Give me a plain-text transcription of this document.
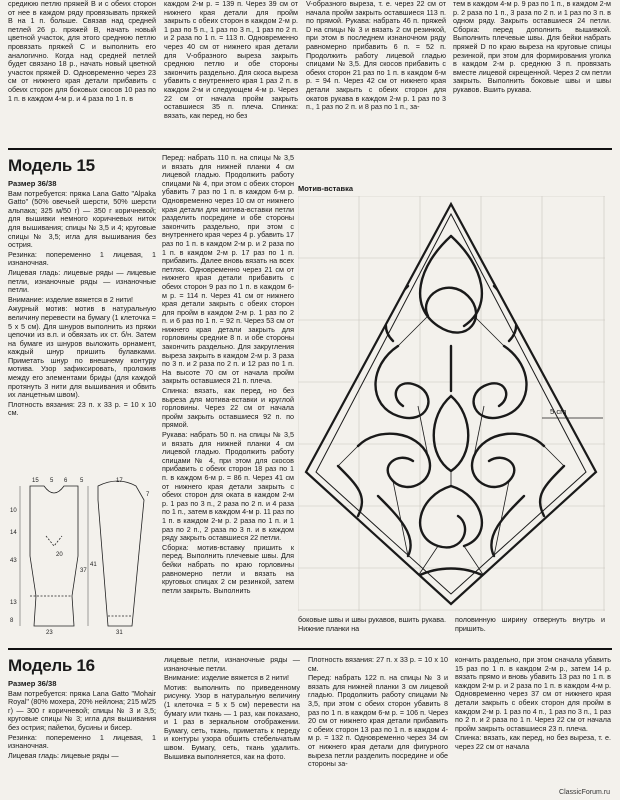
средиюю петлю пряжей В и с обеих сторон от нее в каждом ряду провязывать пряжей В на 1 п. больше. Связав над средней петлей 26 р. пряжей В, начать новый цветной участок, для этого среднюю петлю провязать пряжей С и выполнить его аналогично. Когда над средней петлей будет связано 18 р., начать новый цветной участок пряжей D. Одновременно через 23 см от нижнего края детали прибавить с обеих сторон для боковых скосов 10 раз по 1 п. в каждом 4-м р. и 4 раза по 1 п. в

каждом 2-м р. = 139 п. Через 39 см от нижнего края детали для пройм закрыть с обеих сторон в каждом 2-м р. 1 раз по 5 п., 1 раз по 3 п., 1 раз по 2 п. и 2 раза по 1 п. = 113 п. Одновременно через 40 см от нижнего края детали для V-образного выреза закрыть среднюю петлю и обе стороны закончить раздельно. Для скоса выреза убавить с внутреннего края 1 раз 2 п. в каждом 2-м и следующем 4-м р. Через 22 см от начала пройм закрыть оставшиеся 35 п. плеча. Спинка: вязать, как перед, но без

V-образного выреза, т. е. через 22 см от начала пройм закрыть оставшиеся 113 п. по прямой. Рукава: набрать 46 п. пряжей D на спицы № 3 и вязать 2 см резинкой, при этом в последнем изнаночном ряду равномерно прибавить 6 п. = 52 п. Продолжить работу лицевой гладью спицами № 3,5. Для скосов прибавить с обеих сторон 21 раз по 1 п. в каждом 6-м р. = 94 п. Через 42 см от нижнего края детали закрыть с обеих сторон для окатов рукава в каждом 2-м р. 1 раз по 3 п., 1 раз по 2 п. и 8 раз по 1 п., за-

тем в каждом 4-м р. 9 раз по 1 п., в каждом 2-м р. 2 раза по 1 п., 3 раза по 2 п. и 1 раз по 3 п. в одном ряду. Закрыть оставшиеся 24 петли. Сборка: перед дополнить вышивкой. Выполнить плечевые швы. Для бейки набрать пряжей D по краю выреза на круговые спицы резинкой, при этом для формирования уголка в каждом 2-м р. среднюю 3 п. провязать вместе лицевой скрещенной. Через 2 см петли закрыть. Выполнить боковые швы и швы рукавов. Вшить рукава.

Модель 15

Размер 36/38

Вам потребуется: пряжа Lana Gatto "Alpaka Gatto" (50% овечьей шерсти, 50% шерсти альпака; 325 м/50 г) — 350 г коричневой; для вышивки немного коричневых ниток для вышивания; спицы № 3,5 и 4; круговые спицы № 3,5; игла для вышивания без острия.

Резинка: попеременно 1 лицевая, 1 изнаночная.

Лицевая гладь: лицевые ряды — лицевые петли, изнаночные ряды — изнаночные петли.

Внимание: изделие вяжется в 2 нити!

Ажурный мотив: мотив в натуральную величину перевести на бумагу (1 клеточка = 5 х 5 см). Для шнуров выполнить из пряжи цепочки из в.п. и обвязать их ст. б/н. Затем на бумаге из шнуров выложить орнамент, каждый шнур пришить булавками. Приметать шнур по внешнему контуру мотива. Узор зафиксировать, проложив между его элементами бриды (для каждой протянуть 3 нити для вышивания и обвить их ланцетным швом).

Плотность вязания: 23 п. х 33 р. = 10 х 10 см.

15 5 6 5
10
14
20
43
37
23
13
8
17
7
41
31

Перед: набрать 110 п. на спицы № 3,5 и вязать для нижней планки 4 см лицевой гладью. Продолжить работу спицами № 4, при этом с обеих сторон убавить 7 раз по 1 п. в каждом 6-м р. Одновременно через 10 см от нижнего края детали для мотива-вставки петли разделить посредине и обе стороны закончить раздельно, при этом с внутреннего края через 4 р. убавить 17 раз по 1 п. в каждом 2-м р. и 2 раза по 1 п. в каждом 2-м р. 17 раз по 1 п. прибавить. Далее вновь вязать на всех петлях. Одновременно через 21 см от нижнего края детали прибавить с обеих сторон 9 раз по 1 п. в каждом 6-м р. = 114 п. Через 41 см от нижнего края детали закрыть с обеих сторон для пройм в каждом 2-м р. 1 раз по 2 п. и 6 раз по 1 п. = 92 п. Через 53 см от нижнего края детали закрыть для горловины средние 8 п. и обе стороны закончить раздельно. Для закругления выреза закрыть в каждом 2-м р. 3 раза по 3 п. и 2 раза по 2 п. и 12 раз по 1 п. На высоте 70 см от начала пройм закрыть оставшиеся 21 п. плеча.

Спинка: вязать, как перед, но без выреза для мотива-вставки и круглой горловины. Через 22 см от начала пройм закрыть оставшиеся 92 п. по прямой.

Рукава: набрать 50 п. на спицы № 3,5 и вязать для нижней планки 4 см лицевой гладью. Продолжить работу спицами № 4, при этом для скосов прибавить с обеих сторон 18 раз по 1 п. в каждом 6-м р. = 86 п. Через 41 см от нижнего края детали закрыть с обеих сторон для оката в каждом 2-м р. 1 раз по 3 п., 2 раза по 2 п. и 4 раза по 1 п., затем в каждом 4-м р. 11 раз по 1 п. в каждом 2-м р. 2 раза по 1 п. и 1 раз по 2 п., 2 раза по 3 п. и в каждом ряду закрыть оставшиеся 22 петли.

Сборка: мотив-вставку пришить к перед. Выполнить плечевые швы. Для бейки набрать по краю горловины равномерно петли и вязать на круговых спицах 2 см резинкой, затем петли закрыть. Выполнить

Мотив-вставка
5 cm

боковые швы и швы рукавов, вшить рукава. Нижние планки на

половинную ширину отвернуть внутрь и пришить.

Модель 16

Размер 36/38

Вам потребуется: пряжа Lana Gatto "Mohair Royal" (80% мохера, 20% нейлона; 215 м/25 г) — 300 г коричневой; спицы № 3 и 3,5; круговые спицы № 3; игла для вышивания без острия; пайетки, бусины и бисер.

Резинка: попеременно 1 лицевая, 1 изнаночная.

Лицевая гладь: лицевые ряды —

лицевые петли, изнаночные ряды — изнаночные петли.

Внимание: изделие вяжется в 2 нити!

Мотив: выполнить по приведенному рисунку. Узор в натуральную величину (1 клеточка = 5 х 5 см) перевести на бумагу или ткань — 1 раз, как показано, и 1 раз в зеркальном отображении. Бумагу, сеть, ткань, приметать к переду и контуры узора обшить стебельчатым швом. Бумагу, сеть, ткань удалить. Вышивка выполняется, как на фото.

Плотность вязания: 27 п. х 33 р. = 10 х 10 см.

Перед: набрать 122 п. на спицы № 3 и вязать для нижней планки 3 см лицевой гладью. Продолжить работу спицами № 3,5, при этом с обеих сторон убавить 8 раз по 1 п. в каждом 6-м р. = 106 п. Через 20 см от нижнего края детали прибавить с обеих сторон 13 раз по 1 п. в каждом 4-м р. = 132 п. Одновременно через 34 см от нижнего края детали для фигурного выреза петли разделить посредине и обе стороны за-

кончить раздельно, при этом сначала убавить 15 раз по 1 п. в каждом 2-м р., затем 14 р. вязать прямо и вновь убавить 13 раз по 1 п. в каждом 2-м р. и 2 раза по 1 п. в каждом 4-м р. Одновременно через 37 см от нижнего края детали закрыть с обеих сторон для пройм в каждом 2-м р. 1 раз по 4 п., 1 раз по 3 п., 1 раз по 2 п. и 2 раза по 1 п. Через 22 см от начала пройм закрыть оставшиеся 23 п. плеча.

Спинка: вязать, как перед, но без выреза, т. е. через 22 см от начала

ClassicForum.ru
